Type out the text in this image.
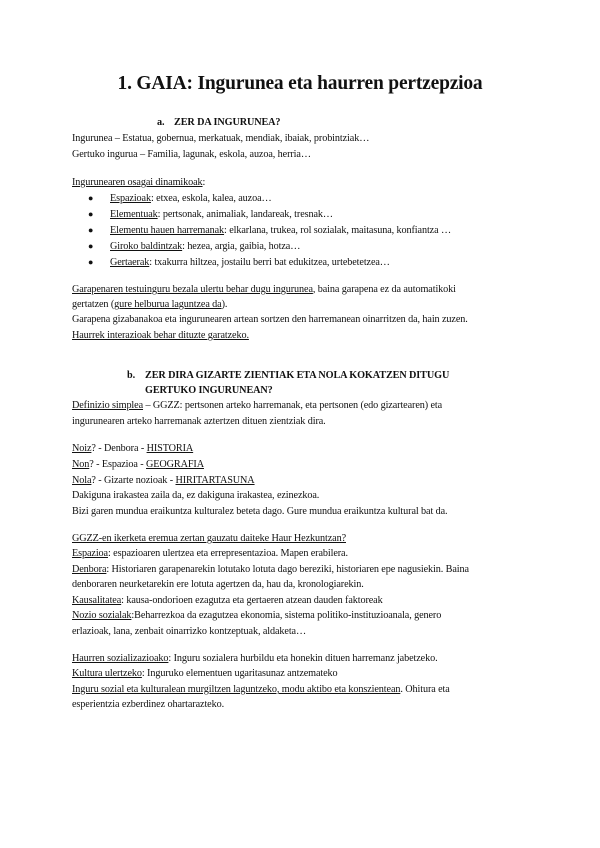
1. GAIA: Ingurunea eta haurren pertzepzioa
a. ZER DA INGURUNEA?
Ingurunea – Estatua, gobernua, merkatuak, mendiak, ibaiak, probintziak…
Gertuko ingurua – Familia, lagunak, eskola, auzoa, herria…
Ingurunearen osagai dinamikoak:
● Espazioak: etxea, eskola, kalea, auzoa…
● Elementuak: pertsonak, animaliak, landareak, tresnak…
● Elementu hauen harremanak: elkarlana, trukea, rol sozialak, maitasuna, konfiantza …
● Giroko baldintzak: hezea, argia, gaibia, hotza…
● Gertaerak: txakurra hiltzea, jostailu berri bat edukitzea, urtebetetzea…
Garapenaren testuinguru bezala ulertu behar dugu ingurunea, baina garapena ez da automatikoki
gertatzen (gure helburua laguntzea da).
Garapena gizabanakoa eta ingurunearen artean sortzen den harremanean oinarritzen da, hain zuzen.
Haurrek interazioak behar dituzte garatzeko.
b. ZER DIRA GIZARTE ZIENTIAK ETA NOLA KOKATZEN DITUGU
GERTUKO INGURUNEAN?
Definizio simplea – GGZZ: pertsonen arteko harremanak, eta pertsonen (edo gizartearen) eta
ingurunearen arteko harremanak aztertzen dituen zientziak dira.
Noiz? - Denbora - HISTORIA
Non? - Espazioa - GEOGRAFIA
Nola? - Gizarte nozioak - HIRITARTASUNA
Dakiguna irakastea zaila da, ez dakiguna irakastea, ezinezkoa.
Bizi garen mundua eraikuntza kulturalez beteta dago. Gure mundua eraikuntza kultural bat da.
GGZZ-en ikerketa eremua zertan gauzatu daiteke Haur Hezkuntzan?
Espazioa: espazioaren ulertzea eta errepresentazioa. Mapen erabilera.
Denbora: Historiaren garapenarekin lotutako lotuta dago bereziki, historiaren epe nagusiekin. Baina
denboraren neurketarekin ere lotuta agertzen da, hau da, kronologiarekin.
Kausalitatea: kausa-ondorioen ezagutza eta gertaeren atzean dauden faktoreak
Nozio sozialak:Beharrezkoa da ezagutzea ekonomia, sistema politiko-instituzioanala, genero
erlazioak, lana, zenbait oinarrizko kontzeptuak, aldaketa…
Haurren sozializazioako: Inguru sozialera hurbildu eta honekin dituen harremanz jabetzeko.
Kultura ulertzeko: Inguruko elementuen ugaritasunaz antzemateko
Inguru sozial eta kulturalean murgiltzen laguntzeko, modu aktibo eta konszientean. Ohitura eta
esperientzia ezberdinez ohartarazteko.
